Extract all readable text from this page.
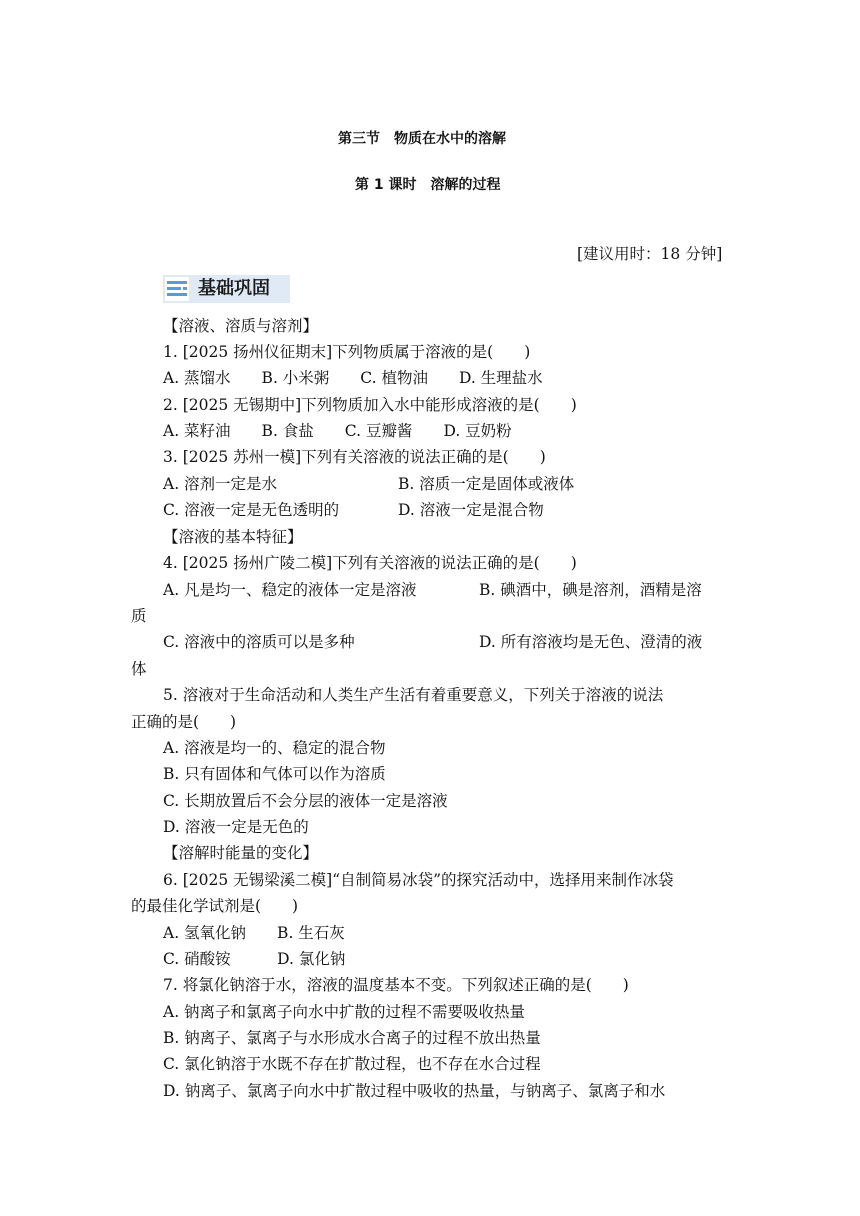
第三节　物质在水中的溶解
第 1 课时　溶解的过程
[建议用时：18 分钟]
基础巩固
【溶液、溶质与溶剂】
1. [2025 扬州仪征期末]下列物质属于溶液的是(　　)
A. 蒸馏水　　B. 小米粥　　C. 植物油　　D. 生理盐水
2. [2025 无锡期中]下列物质加入水中能形成溶液的是(　　)
A. 菜籽油　　B. 食盐　　C. 豆瓣酱　　D. 豆奶粉
3. [2025 苏州一模]下列有关溶液的说法正确的是(　　)
A. 溶剂一定是水	B. 溶质一定是固体或液体
C. 溶液一定是无色透明的	D. 溶液一定是混合物
【溶液的基本特征】
4. [2025 扬州广陵二模]下列有关溶液的说法正确的是(　　)
A. 凡是均一、稳定的液体一定是溶液	B. 碘酒中，碘是溶剂，酒精是溶
质
C. 溶液中的溶质可以是多种	D. 所有溶液均是无色、澄清的液
体
5. 溶液对于生命活动和人类生产生活有着重要意义，下列关于溶液的说法
正确的是(　　)
A. 溶液是均一的、稳定的混合物
B. 只有固体和气体可以作为溶质
C. 长期放置后不会分层的液体一定是溶液
D. 溶液一定是无色的
【溶解时能量的变化】
6. [2025 无锡梁溪二模]“自制简易冰袋”的探究活动中，选择用来制作冰袋
的最佳化学试剂是(　　)
A. 氢氧化钠　　B. 生石灰
C. 硝酸铵　　　D. 氯化钠
7. 将氯化钠溶于水，溶液的温度基本不变。下列叙述正确的是(　　)
A. 钠离子和氯离子向水中扩散的过程不需要吸收热量
B. 钠离子、氯离子与水形成水合离子的过程不放出热量
C. 氯化钠溶于水既不存在扩散过程，也不存在水合过程
D. 钠离子、氯离子向水中扩散过程中吸收的热量，与钠离子、氯离子和水
